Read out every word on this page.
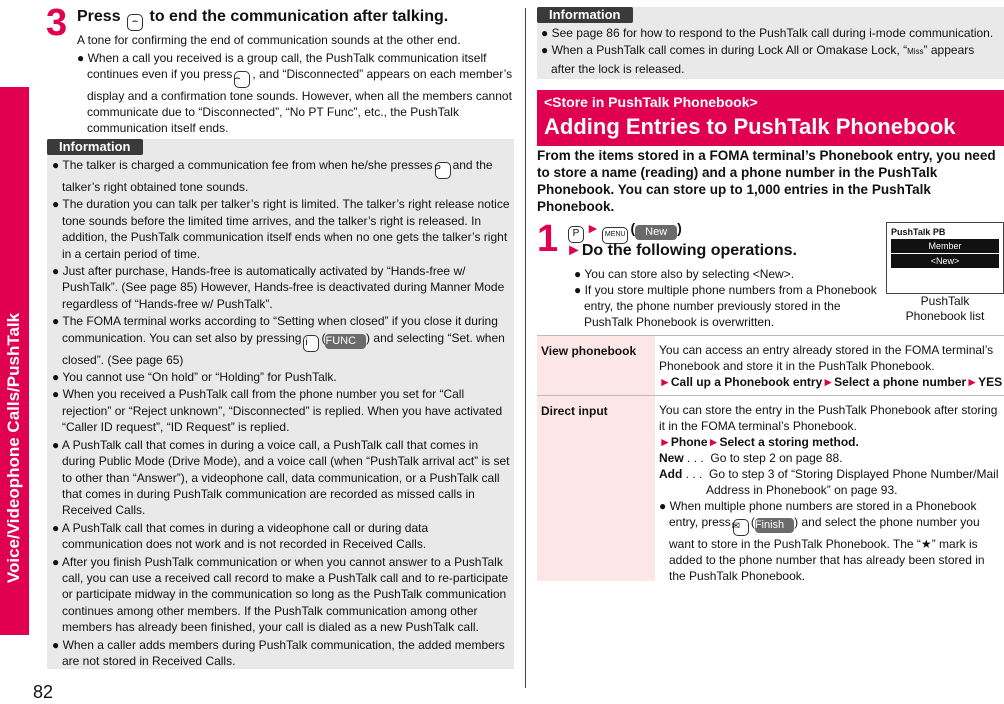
Voice/Videophone Calls/PushTalk
3 Press ⌢ to end the communication after talking.

A tone for confirming the end of communication sounds at the other end.

● When a call you received is a group call, the PushTalk communication itself continues even if you press ⌢ , and “Disconnected” appears on each member’s display and a confirmation tone sounds. However, when all the members cannot communicate due to “Disconnected”, “No PT Func”, etc., the PushTalk communication itself ends.

Information

● The talker is charged a communication fee from when he/she presses P and the talker’s right obtained tone sounds.

● The duration you can talk per talker’s right is limited. The talker’s right release notice tone sounds before the limited time arrives, and the talker’s right is released. In addition, the PushTalk communication itself ends when no one gets the talker’s right in a certain period of time.

● Just after purchase, Hands-free is automatically activated by “Hands-free w/ PushTalk”. (See page 85) However, Hands-free is deactivated during Manner Mode regardless of “Hands-free w/ PushTalk”.

● The FOMA terminal works according to “Setting when closed” if you close it during communication. You can set also by pressing i (FUNC ) and selecting “Set. when closed”. (See page 65)

● You cannot use “On hold” or “Holding” for PushTalk.

● When you received a PushTalk call from the phone number you set for “Call rejection” or “Reject unknown”, “Disconnected” is replied. When you have activated “Caller ID request”, “ID Request” is replied.

● A PushTalk call that comes in during a voice call, a PushTalk call that comes in during Public Mode (Drive Mode), and a voice call (when “PushTalk arrival act” is set to other than “Answer”), a videophone call, data communication, or a PushTalk call that comes in during PushTalk communication are recorded as missed calls in Received Calls.

● A PushTalk call that comes in during a videophone call or during data communication does not work and is not recorded in Received Calls.

● After you finish PushTalk communication or when you cannot answer to a PushTalk call, you can use a received call record to make a PushTalk call and to re-participate or participate midway in the communication so long as the PushTalk communication continues among other members. If the PushTalk communication among other members has already been finished, your call is dialed as a new PushTalk call.

● When a caller adds members during PushTalk communication, the added members are not stored in Received Calls.

Information

● See page 86 for how to respond to the PushTalk call during i-mode communication.

● When a PushTalk call comes in during Lock All or Omakase Lock, “Miss” appears after the lock is released.

<Store in PushTalk Phonebook>
Adding Entries to PushTalk Phonebook
From the items stored in a FOMA terminal’s Phonebook entry, you need to store a name (reading) and a phone number in the PushTalk Phonebook. You can store up to 1,000 entries in the PushTalk Phonebook.
1	P ► MENU ( New )
►Do the following operations.

● You can store also by selecting <New>.

● If you store multiple phone numbers from a Phonebook entry, the phone number previously stored in the PushTalk Phonebook is overwritten.

PushTalk PB
Member
<New>
PushTalk
Phonebook list
View phonebook	You can access an entry already stored in the FOMA terminal’s Phonebook and store it in the PushTalk Phonebook.
►Call up a Phonebook entry►Select a phone number►YES
Direct input	You can store the entry in the PushTalk Phonebook after storing it in the FOMA terminal’s Phonebook.
►Phone►Select a storing method.
New . . . Go to step 2 on page 88.
Add . . . Go to step 3 of “Storing Displayed Phone Number/Mail Address in Phonebook” on page 93.
● When multiple phone numbers are stored in a Phonebook entry, press✉ (Finish ) and select the phone number you want to store in the PushTalk Phonebook. The “★” mark is added to the phone number that has already been stored in the PushTalk Phonebook.
82
